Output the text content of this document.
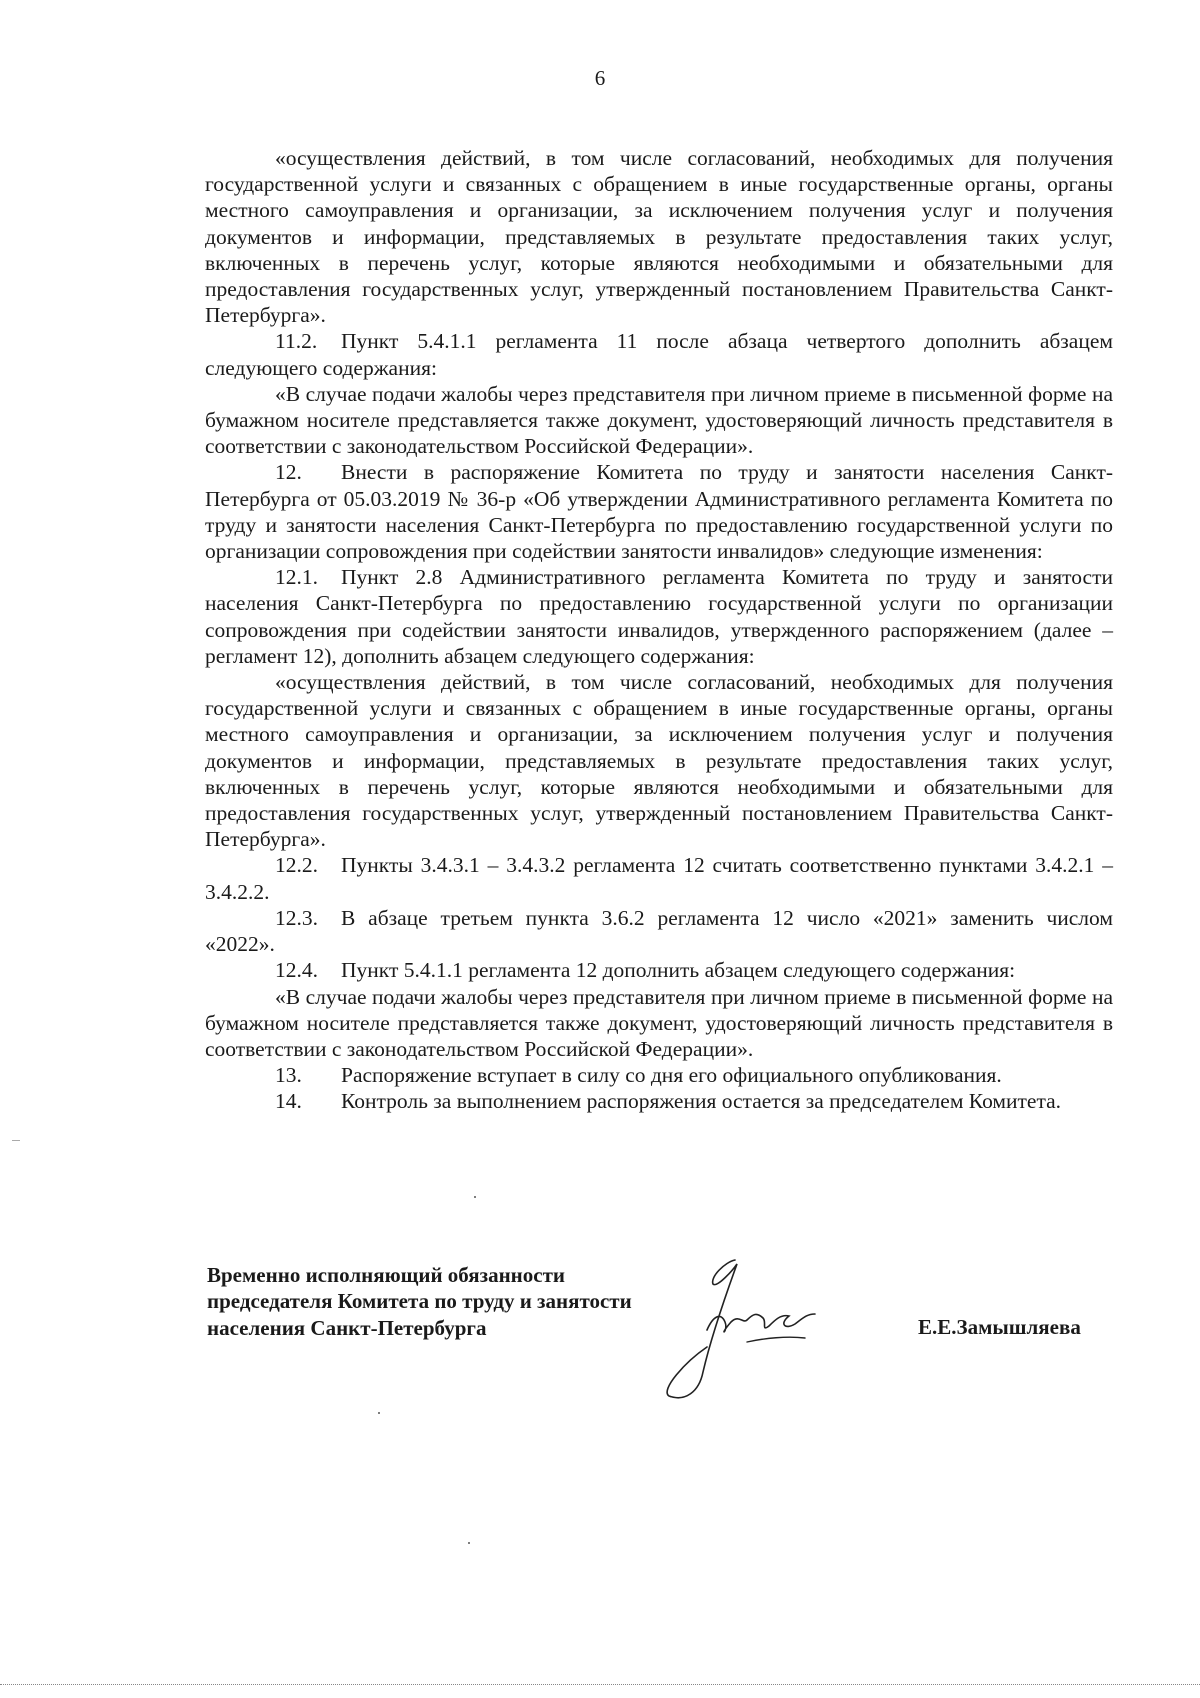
6

«осуществления действий, в том числе согласований, необходимых для получения государственной услуги и связанных с обращением в иные государственные органы, органы местного самоуправления и организации, за исключением получения услуг и получения документов и информации, представляемых в результате предоставления таких услуг, включенных в перечень услуг, которые являются необходимыми и обязательными для предоставления государственных услуг, утвержденный постановлением Правительства Санкт-Петербурга».

11.2. Пункт 5.4.1.1 регламента 11 после абзаца четвертого дополнить абзацем следующего содержания:

«В случае подачи жалобы через представителя при личном приеме в письменной форме на бумажном носителе представляется также документ, удостоверяющий личность представителя в соответствии с законодательством Российской Федерации».

12. Внести в распоряжение Комитета по труду и занятости населения Санкт-Петербурга от 05.03.2019 № 36-р «Об утверждении Административного регламента Комитета по труду и занятости населения Санкт-Петербурга по предоставлению государственной услуги по организации сопровождения при содействии занятости инвалидов» следующие изменения:

12.1. Пункт 2.8 Административного регламента Комитета по труду и занятости населения Санкт-Петербурга по предоставлению государственной услуги по организации сопровождения при содействии занятости инвалидов, утвержденного распоряжением (далее – регламент 12), дополнить абзацем следующего содержания:

«осуществления действий, в том числе согласований, необходимых для получения государственной услуги и связанных с обращением в иные государственные органы, органы местного самоуправления и организации, за исключением получения услуг и получения документов и информации, представляемых в результате предоставления таких услуг, включенных в перечень услуг, которые являются необходимыми и обязательными для предоставления государственных услуг, утвержденный постановлением Правительства Санкт-Петербурга».

12.2. Пункты 3.4.3.1 – 3.4.3.2 регламента 12 считать соответственно пунктами 3.4.2.1 – 3.4.2.2.

12.3. В абзаце третьем пункта 3.6.2 регламента 12 число «2021» заменить числом «2022».

12.4. Пункт 5.4.1.1 регламента 12 дополнить абзацем следующего содержания:

«В случае подачи жалобы через представителя при личном приеме в письменной форме на бумажном носителе представляется также документ, удостоверяющий личность представителя в соответствии с законодательством Российской Федерации».

13. Распоряжение вступает в силу со дня его официального опубликования.

14. Контроль за выполнением распоряжения остается за председателем Комитета.

Временно исполняющий обязанности
председателя Комитета по труду и занятости
населения Санкт-Петербурга	Е.Е.Замышляева
